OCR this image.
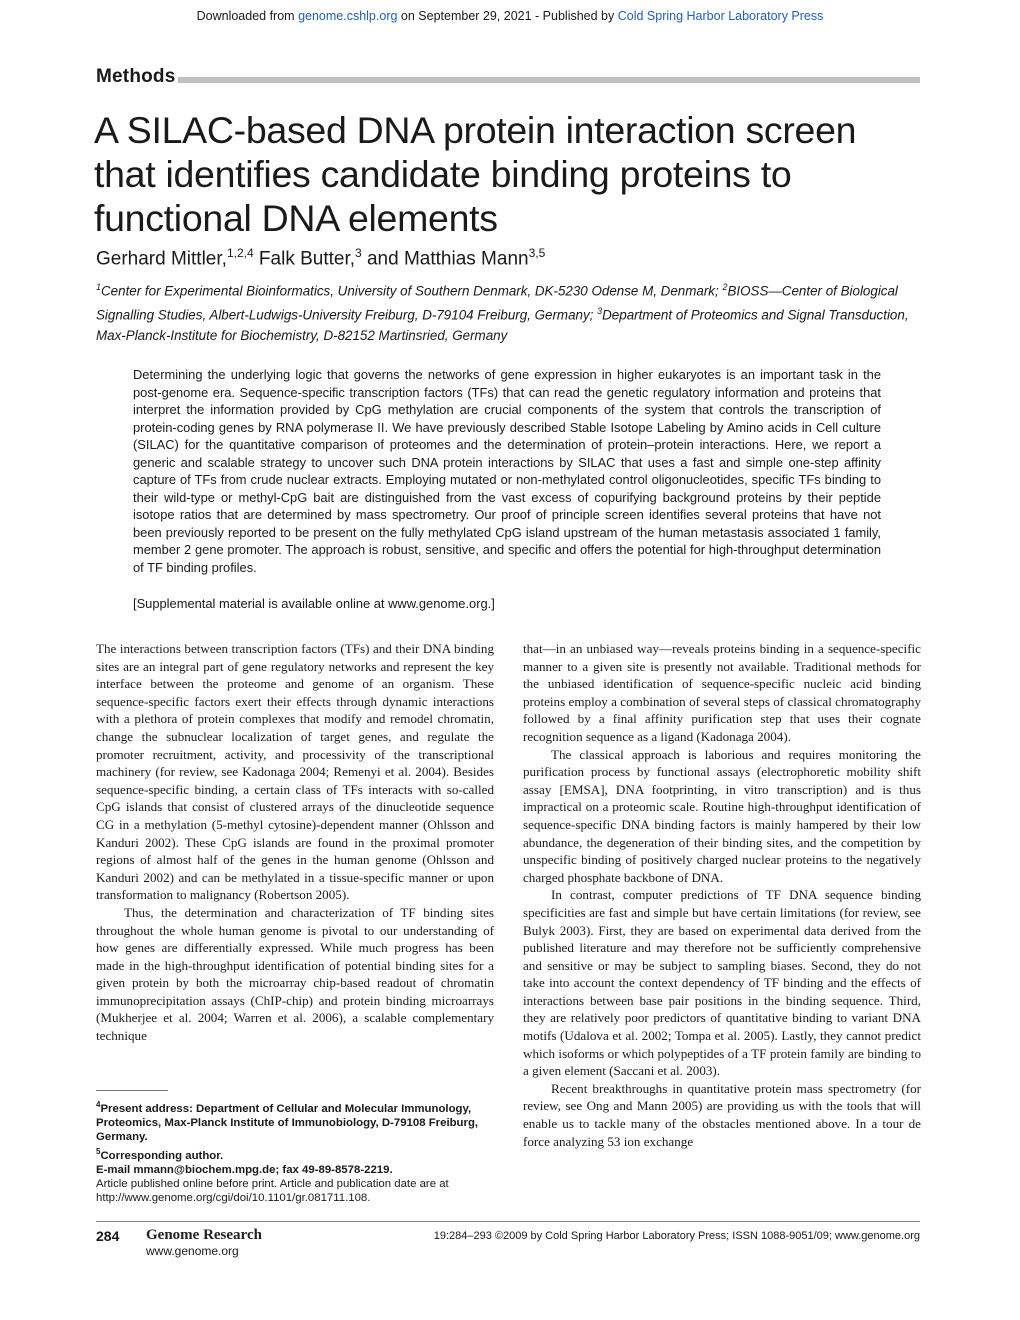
Downloaded from genome.cshlp.org on September 29, 2021 - Published by Cold Spring Harbor Laboratory Press
Methods
A SILAC-based DNA protein interaction screen that identifies candidate binding proteins to functional DNA elements
Gerhard Mittler,$^{1,2,4}$ Falk Butter,$^3$ and Matthias Mann$^{3,5}$
$^1$Center for Experimental Bioinformatics, University of Southern Denmark, DK-5230 Odense M, Denmark; $^2$BIOSS—Center of Biological Signalling Studies, Albert-Ludwigs-University Freiburg, D-79104 Freiburg, Germany; $^3$Department of Proteomics and Signal Transduction, Max-Planck-Institute for Biochemistry, D-82152 Martinsried, Germany

Determining the underlying logic that governs the networks of gene expression in higher eukaryotes is an important task in the post-genome era. Sequence-specific transcription factors (TFs) that can read the genetic regulatory information and proteins that interpret the information provided by CpG methylation are crucial components of the system that controls the transcription of protein-coding genes by RNA polymerase II. We have previously described Stable Isotope Labeling by Amino acids in Cell culture (SILAC) for the quantitative comparison of proteomes and the determination of protein–protein interactions. Here, we report a generic and scalable strategy to uncover such DNA protein interactions by SILAC that uses a fast and simple one-step affinity capture of TFs from crude nuclear extracts. Employing mutated or non-methylated control oligonucleotides, specific TFs binding to their wild-type or methyl-CpG bait are distinguished from the vast excess of copurifying background proteins by their peptide isotope ratios that are determined by mass spectrometry. Our proof of principle screen identifies several proteins that have not been previously reported to be present on the fully methylated CpG island upstream of the human metastasis associated 1 family, member 2 gene promoter. The approach is robust, sensitive, and specific and offers the potential for high-throughput determination of TF binding profiles.

[Supplemental material is available online at www.genome.org.]

The interactions between transcription factors (TFs) and their DNA binding sites are an integral part of gene regulatory networks and represent the key interface between the proteome and genome of an organism. These sequence-specific factors exert their effects through dynamic interactions with a plethora of protein complexes that modify and remodel chromatin, change the subnuclear localization of target genes, and regulate the promoter recruitment, activity, and processivity of the transcriptional machinery (for review, see Kadonaga 2004; Remenyi et al. 2004). Besides sequence-specific binding, a certain class of TFs interacts with so-called CpG islands that consist of clustered arrays of the dinucleotide sequence CG in a methylation (5-methyl cytosine)-dependent manner (Ohlsson and Kanduri 2002). These CpG islands are found in the proximal promoter regions of almost half of the genes in the human genome (Ohlsson and Kanduri 2002) and can be methylated in a tissue-specific manner or upon transformation to malignancy (Robertson 2005).

Thus, the determination and characterization of TF binding sites throughout the whole human genome is pivotal to our understanding of how genes are differentially expressed. While much progress has been made in the high-throughput identification of potential binding sites for a given protein by both the microarray chip-based readout of chromatin immunoprecipitation assays (ChIP-chip) and protein binding microarrays (Mukherjee et al. 2004; Warren et al. 2006), a scalable complementary technique

that—in an unbiased way—reveals proteins binding in a sequence-specific manner to a given site is presently not available. Traditional methods for the unbiased identification of sequence-specific nucleic acid binding proteins employ a combination of several steps of classical chromatography followed by a final affinity purification step that uses their cognate recognition sequence as a ligand (Kadonaga 2004).

The classical approach is laborious and requires monitoring the purification process by functional assays (electrophoretic mobility shift assay [EMSA], DNA footprinting, in vitro transcription) and is thus impractical on a proteomic scale. Routine high-throughput identification of sequence-specific DNA binding factors is mainly hampered by their low abundance, the degeneration of their binding sites, and the competition by unspecific binding of positively charged nuclear proteins to the negatively charged phosphate backbone of DNA.

In contrast, computer predictions of TF DNA sequence binding specificities are fast and simple but have certain limitations (for review, see Bulyk 2003). First, they are based on experimental data derived from the published literature and may therefore not be sufficiently comprehensive and sensitive or may be subject to sampling biases. Second, they do not take into account the context dependency of TF binding and the effects of interactions between base pair positions in the binding sequence. Third, they are relatively poor predictors of quantitative binding to variant DNA motifs (Udalova et al. 2002; Tompa et al. 2005). Lastly, they cannot predict which isoforms or which polypeptides of a TF protein family are binding to a given element (Saccani et al. 2003).

Recent breakthroughs in quantitative protein mass spectrometry (for review, see Ong and Mann 2005) are providing us with the tools that will enable us to tackle many of the obstacles mentioned above. In a tour de force analyzing 53 ion exchange

$^4$Present address: Department of Cellular and Molecular Immunology, Proteomics, Max-Planck Institute of Immunobiology, D-79108 Freiburg, Germany.

$^5$Corresponding author.

E-mail mmann@biochem.mpg.de; fax 49-89-8578-2219.

Article published online before print. Article and publication date are at http://www.genome.org/cgi/doi/10.1101/gr.081711.108.

284 Genome Research
www.genome.org
19:284–293 ©2009 by Cold Spring Harbor Laboratory Press; ISSN 1088-9051/09; www.genome.org
